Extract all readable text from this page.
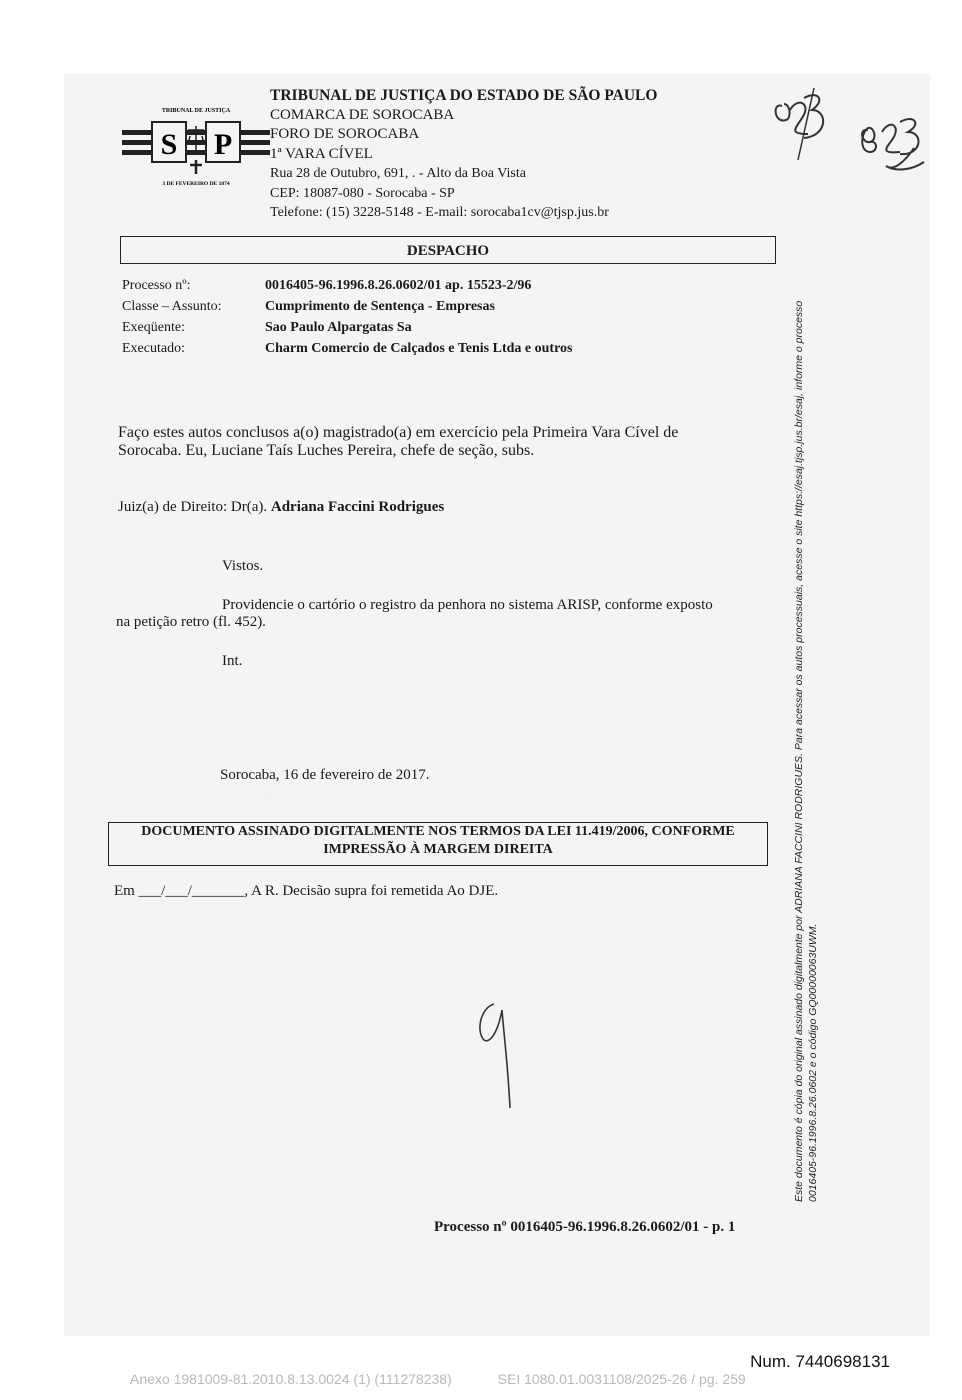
TRIBUNAL DE JUSTIÇA
S P
3 DE FEVEREIRO DE 1874
TRIBUNAL DE JUSTIÇA DO ESTADO DE SÃO PAULO
COMARCA DE SOROCABA
FORO DE SOROCABA
1ª VARA CÍVEL
Rua 28 de Outubro, 691, . - Alto da Boa Vista
CEP: 18087-080 - Sorocaba - SP
Telefone: (15) 3228-5148 - E-mail: sorocaba1cv@tjsp.jus.br
DESPACHO
Processo nº:	0016405-96.1996.8.26.0602/01 ap. 15523-2/96
Classe – Assunto:	Cumprimento de Sentença - Empresas
Exeqüente:	Sao Paulo Alpargatas Sa
Executado:	Charm Comercio de Calçados e Tenis Ltda e outros
Faço estes autos conclusos a(o) magistrado(a) em exercício pela Primeira Vara Cível de
Sorocaba. Eu, Luciane Taís Luches Pereira, chefe de seção, subs.
Juiz(a) de Direito: Dr(a). Adriana Faccini Rodrigues
Vistos.
Providencie o cartório o registro da penhora no sistema ARISP, conforme exposto
na petição retro (fl. 452).
Int.
Sorocaba, 16 de fevereiro de 2017.
DOCUMENTO ASSINADO DIGITALMENTE NOS TERMOS DA LEI 11.419/2006, CONFORME
IMPRESSÃO À MARGEM DIREITA
Em ___/___/_______, A R. Decisão supra foi remetida Ao DJE.
9	Este documento é cópia do original assinado digitalmente por ADRIANA FACCINI RODRIGUES. Para acessar os autos processuais, acesse o site https://esaj.tjsp.jus.br/esaj, informe o processo 0016405-96.1996.8.26.0602 e o código GQ00000063UWM.
Processo nº 0016405-96.1996.8.26.0602/01 - p. 1
Num. 7440698131
Anexo 1981009-81.2010.8.13.0024 (1) (111278238)	SEI 1080.01.0031108/2025-26 / pg. 259
